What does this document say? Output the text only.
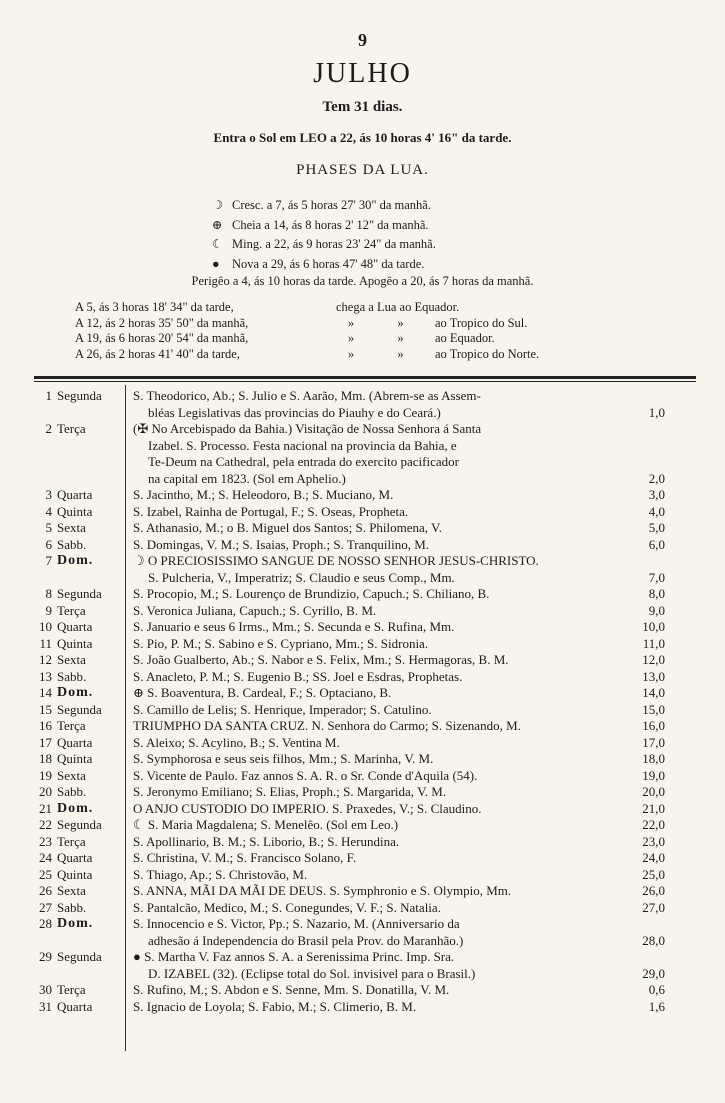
9
JULHO
Tem 31 dias.
Entra o Sol em LEO a 22, ás 10 horas 4' 16" da tarde.
PHASES DA LUA.
☽ Cresc. a 7, ás 5 horas 27' 30" da manhã.
⊕ Cheia a 14, ás 8 horas 2' 12" da manhã.
☾ Ming. a 22, ás 9 horas 23' 24" da manhã.
● Nova a 29, ás 6 horas 47' 48" da tarde.
Perigêo a 4, ás 10 horas da tarde. Apogêo a 20, ás 7 horas da manhã.
A 5, ás 3 horas 18' 34" da tarde,	chega a Lua ao Equador.
A 12, ás 2 horas 35' 50" da manhã,	»	»	ao Tropico do Sul.
A 19, ás 6 horas 20' 54" da manhã,	»	»	ao Equador.
A 26, ás 2 horas 41' 40" da tarde,	»	»	ao Tropico do Norte.
1 Segunda	S. Theodorico, Ab.; S. Julio e S. Aarão, Mm. (Abrem-se as Assem-
bléas Legislativas das provincias do Piauhy e do Ceará.)	1,0
2 Terça	(✠ No Arcebispado da Bahia.) Visitação de Nossa Senhora á Santa
Izabel. S. Processo. Festa nacional na provincia da Bahia, e
Te-Deum na Cathedral, pela entrada do exercito pacificador
na capital em 1823. (Sol em Aphelio.)	2,0
3 Quarta	S. Jacintho, M.; S. Heleodoro, B.; S. Muciano, M.	3,0
4 Quinta	S. Izabel, Rainha de Portugal, F.; S. Oseas, Propheta.	4,0
5 Sexta	S. Athanasio, M.; o B. Miguel dos Santos; S. Philomena, V.	5,0
6 Sabb.	S. Domingas, V. M.; S. Isaias, Proph.; S. Tranquilino, M.	6,0
7 Dom.	☽ O PRECIOSISSIMO SANGUE DE NOSSO SENHOR JESUS-CHRISTO.
S. Pulcheria, V., Imperatriz; S. Claudio e seus Comp., Mm.	7,0
8 Segunda	S. Procopio, M.; S. Lourenço de Brundizio, Capuch.; S. Chiliano, B.	8,0
9 Terça	S. Veronica Juliana, Capuch.; S. Cyrillo, B. M.	9,0
10 Quarta	S. Januario e seus 6 Irms., Mm.; S. Secunda e S. Rufina, Mm.	10,0
11 Quinta	S. Pio, P. M.; S. Sabino e S. Cypriano, Mm.; S. Sidronia.	11,0
12 Sexta	S. João Gualberto, Ab.; S. Nabor e S. Felix, Mm.; S. Hermagoras, B. M.	12,0
13 Sabb.	S. Anacleto, P. M.; S. Eugenio B.; SS. Joel e Esdras, Prophetas.	13,0
14 Dom.	⊕ S. Boaventura, B. Cardeal, F.; S. Optaciano, B.	14,0
15 Segunda	S. Camillo de Lelis; S. Henrique, Imperador; S. Catulino.	15,0
16 Terça	TRIUMPHO DA SANTA CRUZ. N. Senhora do Carmo; S. Sizenando, M.	16,0
17 Quarta	S. Aleixo; S. Acylino, B.; S. Ventina M.	17,0
18 Quinta	S. Symphorosa e seus seis filhos, Mm.; S. Marinha, V. M.	18,0
19 Sexta	S. Vicente de Paulo. Faz annos S. A. R. o Sr. Conde d'Aquila (54).	19,0
20 Sabb.	S. Jeronymo Emiliano; S. Elias, Proph.; S. Margarida, V. M.	20,0
21 Dom.	O ANJO CUSTODIO DO IMPERIO. S. Praxedes, V.; S. Claudino.	21,0
22 Segunda	☾ S. Maria Magdalena; S. Menelêo. (Sol em Leo.)	22,0
23 Terça	S. Apollinario, B. M.; S. Liborio, B.; S. Herundina.	23,0
24 Quarta	S. Christina, V. M.; S. Francisco Solano, F.	24,0
25 Quinta	S. Thiago, Ap.; S. Christovão, M.	25,0
26 Sexta	S. ANNA, MÃI DA MÃI DE DEUS. S. Symphronio e S. Olympio, Mm.	26,0
27 Sabb.	S. Pantalcão, Medico, M.; S. Conegundes, V. F.; S. Natalia.	27,0
28 Dom.	S. Innocencio e S. Victor, Pp.; S. Nazario, M. (Anniversario da
adhesão á Independencia do Brasil pela Prov. do Maranhão.)	28,0
29 Segunda	● S. Martha V. Faz annos S. A. a Serenissima Princ. Imp. Sra.
D. IZABEL (32). (Eclipse total do Sol. invisivel para o Brasil.)	29,0
30 Terça	S. Rufino, M.; S. Abdon e S. Senne, Mm. S. Donatilla, V. M.	0,6
31 Quarta	S. Ignacio de Loyola; S. Fabio, M.; S. Climerio, B. M.	1,6
